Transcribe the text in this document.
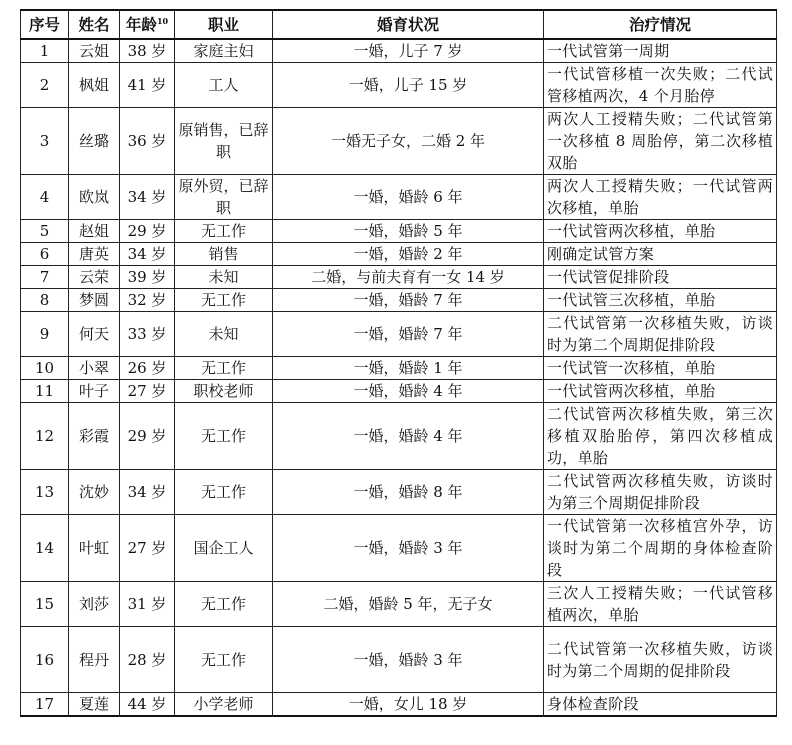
序号	姓名	年龄$^{10}$	职业	婚育状况	治疗情况
1	云姐	38 岁	家庭主妇	一婚，儿子 7 岁	一代试管第一周期
2	枫姐	41 岁	工人	一婚，儿子 15 岁	一代试管移植一次失败；二代试管移植两次，4 个月胎停
3	丝璐	36 岁	原销售，已辞职	一婚无子女，二婚 2 年	两次人工授精失败；二代试管第一次移植 8 周胎停，第二次移植双胎
4	欧岚	34 岁	原外贸，已辞职	一婚，婚龄 6 年	两次人工授精失败；一代试管两次移植，单胎
5	赵姐	29 岁	无工作	一婚，婚龄 5 年	一代试管两次移植，单胎
6	唐英	34 岁	销售	一婚，婚龄 2 年	刚确定试管方案
7	云荣	39 岁	未知	二婚，与前夫育有一女 14 岁	一代试管促排阶段
8	梦圆	32 岁	无工作	一婚，婚龄 7 年	一代试管三次移植，单胎
9	何天	33 岁	未知	一婚，婚龄 7 年	二代试管第一次移植失败，访谈时为第二个周期促排阶段
10	小翠	26 岁	无工作	一婚，婚龄 1 年	一代试管一次移植，单胎
11	叶子	27 岁	职校老师	一婚，婚龄 4 年	一代试管两次移植，单胎
12	彩霞	29 岁	无工作	一婚，婚龄 4 年	二代试管两次移植失败，第三次移植双胎胎停，第四次移植成功，单胎
13	沈妙	34 岁	无工作	一婚，婚龄 8 年	二代试管两次移植失败，访谈时为第三个周期促排阶段
14	叶虹	27 岁	国企工人	一婚，婚龄 3 年	一代试管第一次移植宫外孕，访谈时为第二个周期的身体检查阶段
15	刘莎	31 岁	无工作	二婚，婚龄 5 年，无子女	三次人工授精失败；一代试管移植两次，单胎
16	程丹	28 岁	无工作	一婚，婚龄 3 年	二代试管第一次移植失败，访谈时为第二个周期的促排阶段
17	夏莲	44 岁	小学老师	一婚，女儿 18 岁	身体检查阶段
